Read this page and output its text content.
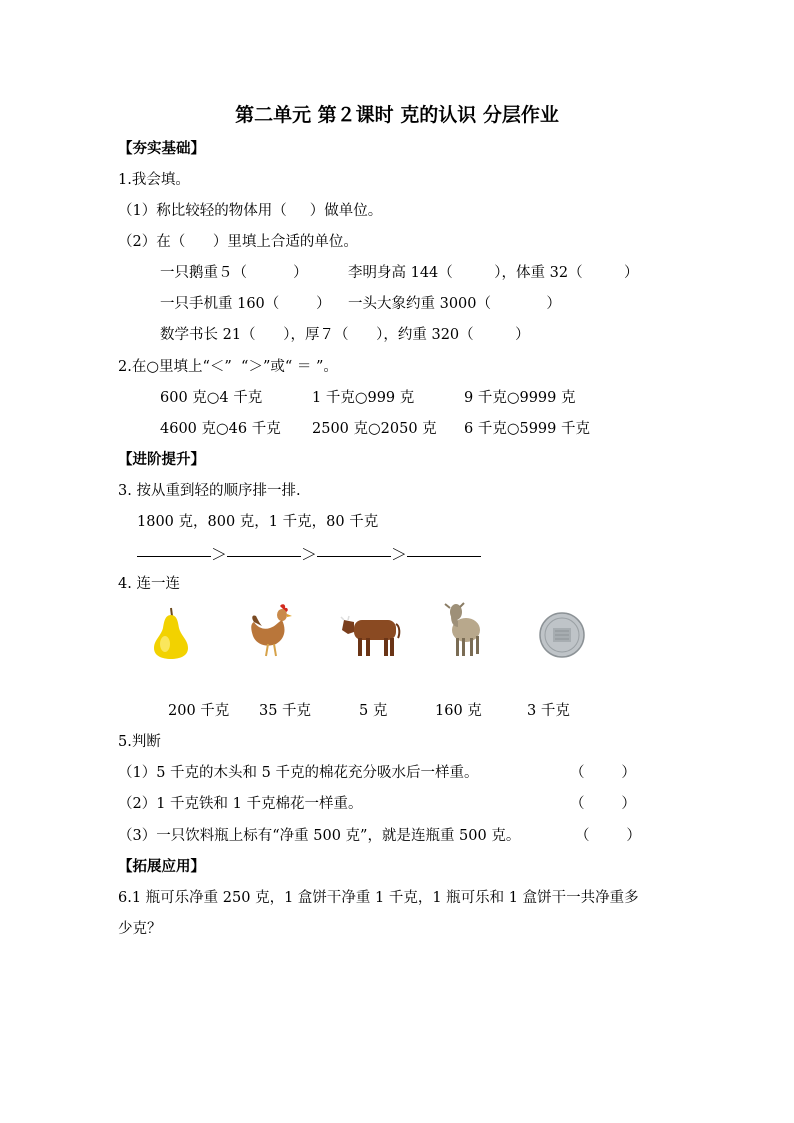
第二单元 第２课时 克的认识 分层作业
【夯实基础】
1.我会填。
（1）称比较轻的物体用（     ）做单位。
（2）在（      ）里填上合适的单位。
一只鹅重５（          ）	李明身高 144（         ），体重 32（         ）
一只手机重 160（        ） 一头大象约重 3000（            ）
数学书长 21（      ），厚７（      ），约重 320（         ）
2.在○里填上“＜”  “＞”或“ ＝ ”。
600 克○4 千克	1 千克○999 克	9 千克○9999 克
4600 克○46 千克 2500 克○2050 克 6 千克○5999 千克
【进阶提升】
3. 按从重到轻的顺序排一排.
1800 克，800 克，1 千克，80 千克
＞	＞	＞
4. 连一连
200 千克 35 千克	5 克	160 克	3 千克
5.判断
（1）5 千克的木头和 5 千克的棉花充分吸水后一样重。	（        ）
（2）1 千克铁和 1 千克棉花一样重。	（        ）
（3）一只饮料瓶上标有“净重 500 克”，就是连瓶重 500 克。	（        ）
【拓展应用】
6.1 瓶可乐净重 250 克，1 盒饼干净重 1 千克，1 瓶可乐和 1 盒饼干一共净重多
少克？
